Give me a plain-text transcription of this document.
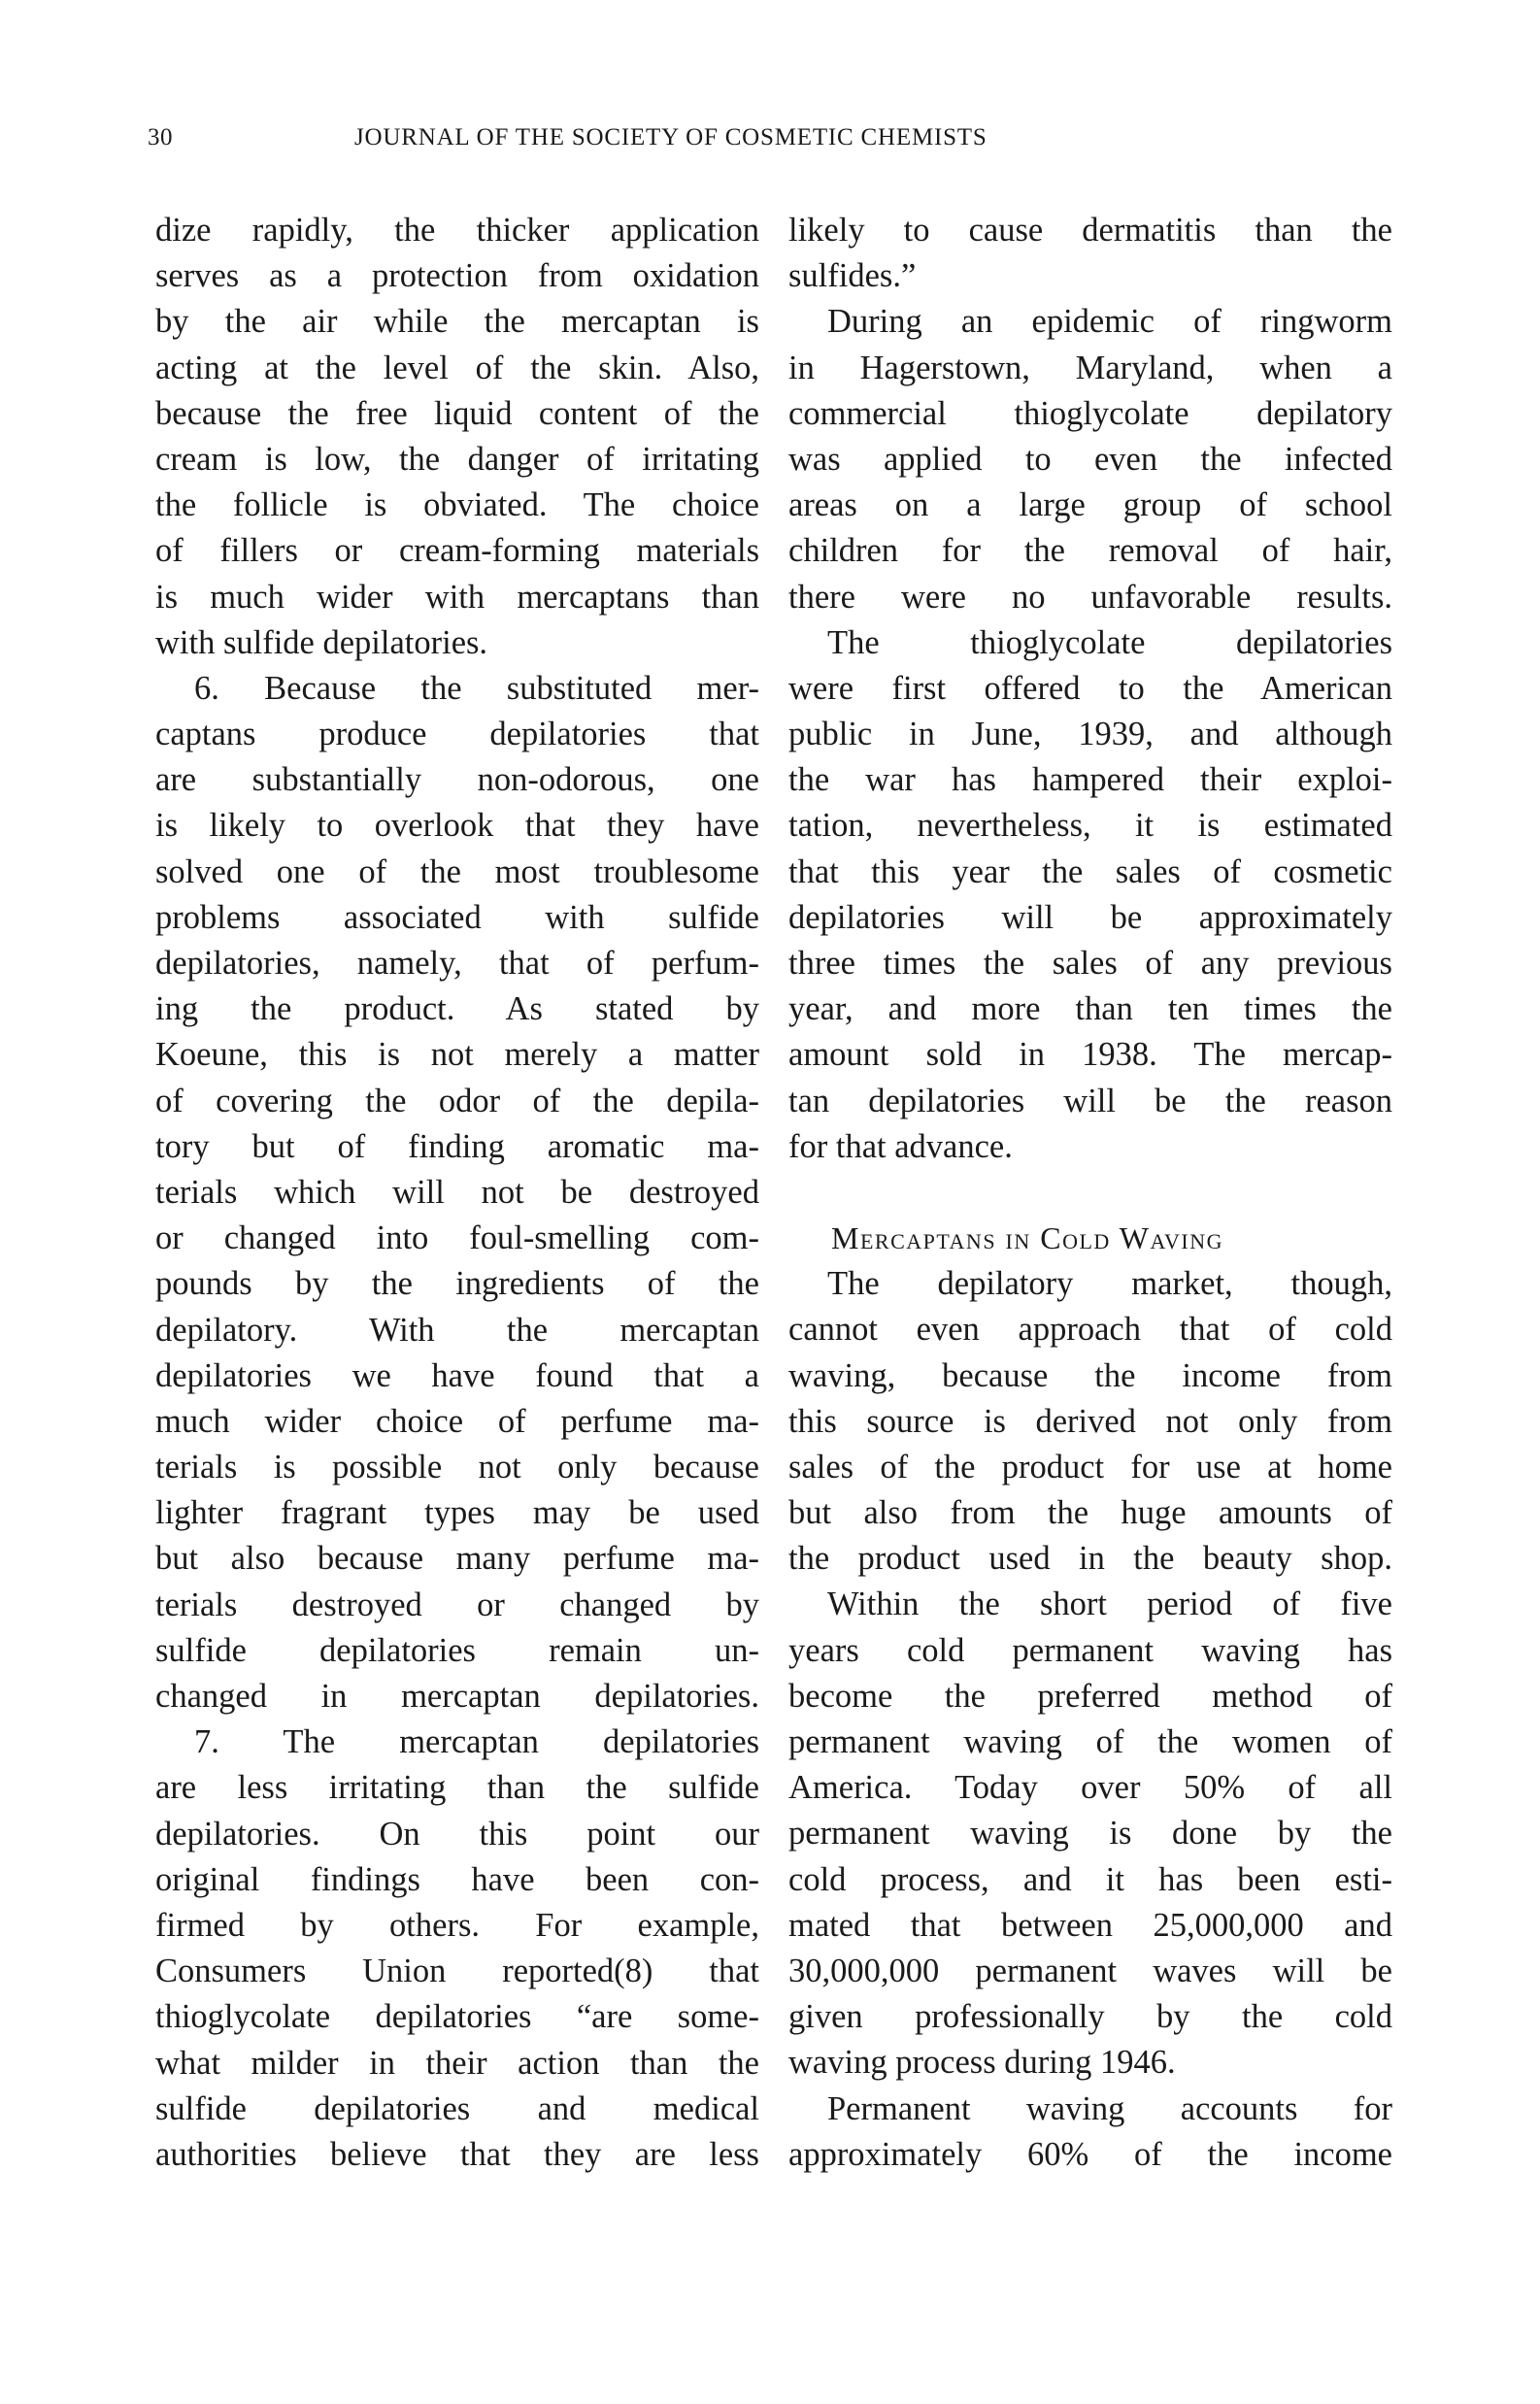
30	JOURNAL OF THE SOCIETY OF COSMETIC CHEMISTS
dize rapidly, the thicker application
serves as a protection from oxidation
by the air while the mercaptan is
acting at the level of the skin. Also,
because the free liquid content of the
cream is low, the danger of irritating
the follicle is obviated. The choice
of fillers or cream-forming materials
is much wider with mercaptans than
with sulfide depilatories.
6. Because the substituted mer-
captans produce depilatories that
are substantially non-odorous, one
is likely to overlook that they have
solved one of the most troublesome
problems associated with sulfide
depilatories, namely, that of perfum-
ing the product. As stated by
Koeune, this is not merely a matter
of covering the odor of the depila-
tory but of finding aromatic ma-
terials which will not be destroyed
or changed into foul-smelling com-
pounds by the ingredients of the
depilatory. With the mercaptan
depilatories we have found that a
much wider choice of perfume ma-
terials is possible not only because
lighter fragrant types may be used
but also because many perfume ma-
terials destroyed or changed by
sulfide depilatories remain un-
changed in mercaptan depilatories.
7. The mercaptan depilatories
are less irritating than the sulfide
depilatories. On this point our
original findings have been con-
firmed by others. For example,
Consumers Union reported(8) that
thioglycolate depilatories “are some-
what milder in their action than the
sulfide depilatories and medical
authorities believe that they are less
likely to cause dermatitis than the
sulfides.”
During an epidemic of ringworm
in Hagerstown, Maryland, when a
commercial thioglycolate depilatory
was applied to even the infected
areas on a large group of school
children for the removal of hair,
there were no unfavorable results.
The thioglycolate depilatories
were first offered to the American
public in June, 1939, and although
the war has hampered their exploi-
tation, nevertheless, it is estimated
that this year the sales of cosmetic
depilatories will be approximately
three times the sales of any previous
year, and more than ten times the
amount sold in 1938. The mercap-
tan depilatories will be the reason
for that advance.
Mercaptans in Cold Waving
The depilatory market, though,
cannot even approach that of cold
waving, because the income from
this source is derived not only from
sales of the product for use at home
but also from the huge amounts of
the product used in the beauty shop.
Within the short period of five
years cold permanent waving has
become the preferred method of
permanent waving of the women of
America. Today over 50% of all
permanent waving is done by the
cold process, and it has been esti-
mated that between 25,000,000 and
30,000,000 permanent waves will be
given professionally by the cold
waving process during 1946.
Permanent waving accounts for
approximately 60% of the income
